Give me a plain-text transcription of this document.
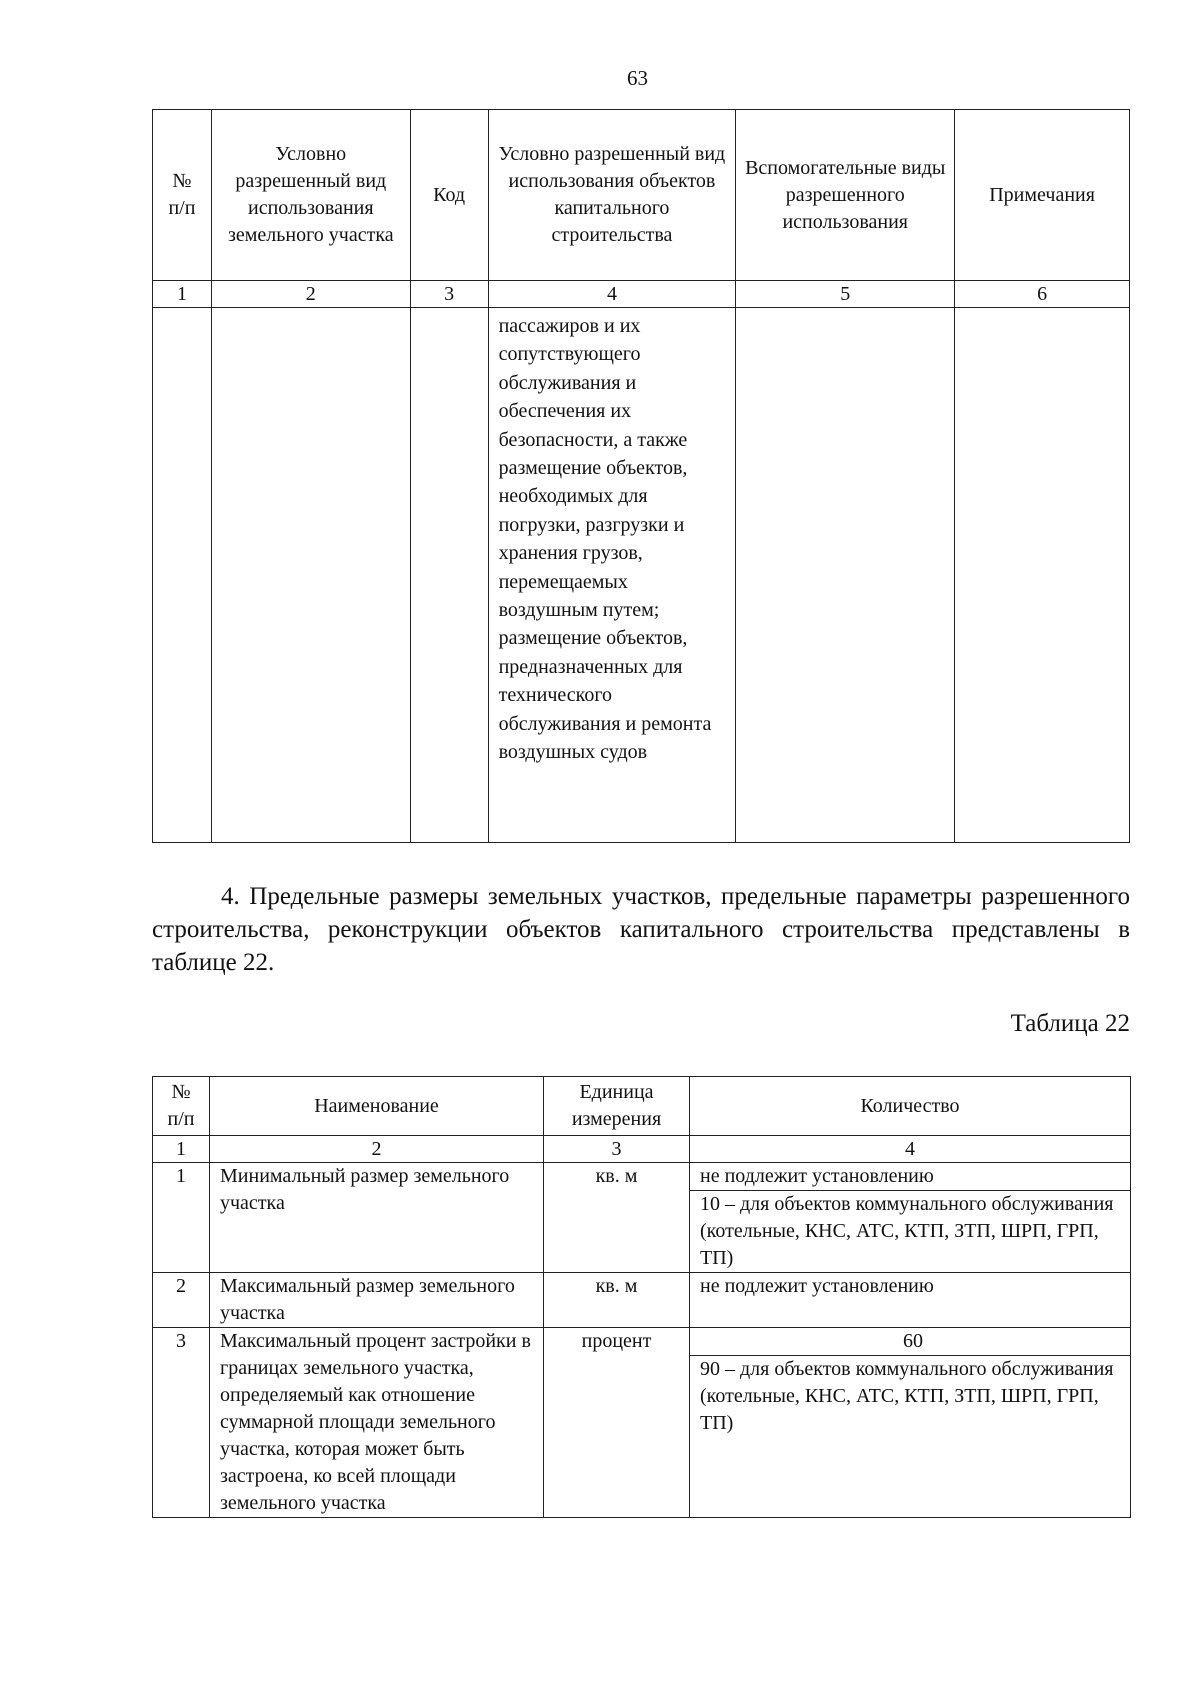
63
№
п/п	Условно разрешенный вид использования земельного участка	Код	Условно разрешенный вид использования объектов капитального строительства	Вспомогательные виды разрешенного использования	Примечания
1	2	3	4	5	6
			пассажиров и их сопутствующего обслуживания и обеспечения их безопасности, а также размещение объектов, необходимых для погрузки, разгрузки и хранения грузов, перемещаемых воздушным путем; размещение объектов, предназначенных для технического обслуживания и ремонта воздушных судов		
4. Предельные размеры земельных участков, предельные параметры разрешенного строительства, реконструкции объектов капитального строительства представлены в таблице 22.
Таблица 22
№
п/п	Наименование	Единица измерения	Количество
1	2	3	4
1	Минимальный размер земельного участка	кв. м	не подлежит установлению
10 – для объектов коммунального обслуживания (котельные, КНС, АТС, КТП, ЗТП, ШРП, ГРП, ТП)

2	Максимальный размер земельного участка	кв. м	не подлежит установлению

3	Максимальный процент застройки в границах земельного участка, определяемый как отношение суммарной площади земельного участка, которая может быть застроена, ко всей площади земельного участка	процент	60
90 – для объектов коммунального обслуживания (котельные, КНС, АТС, КТП, ЗТП, ШРП, ГРП, ТП)
